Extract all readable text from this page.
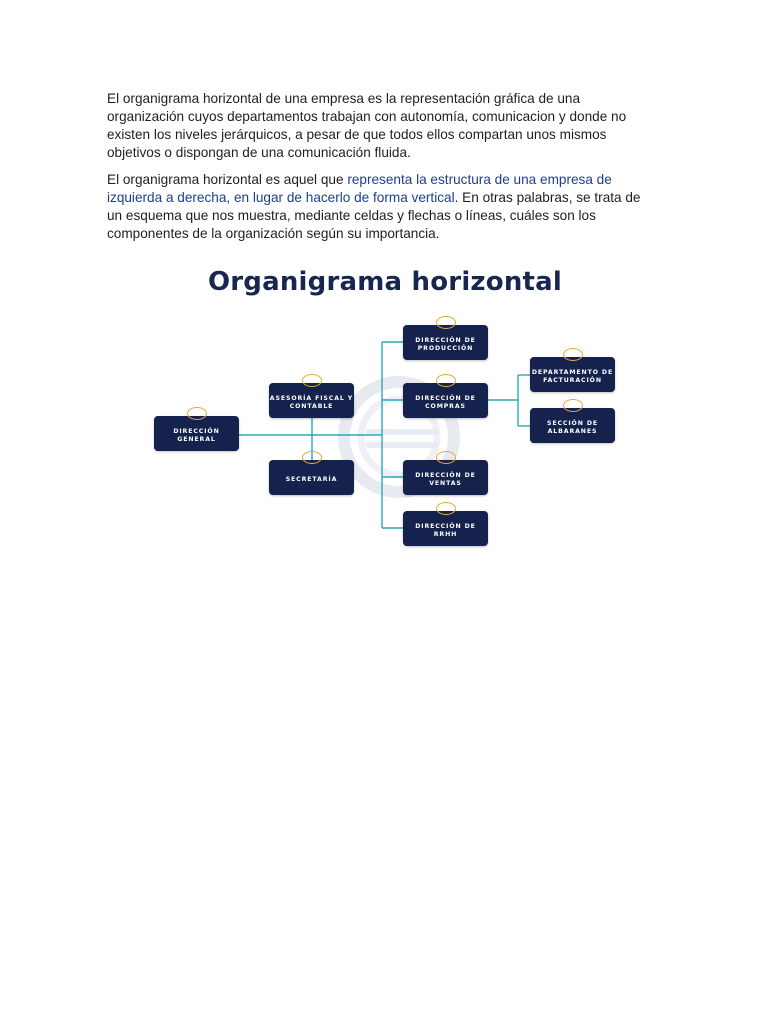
El organigrama horizontal de una empresa es la representación gráfica de una organización cuyos departamentos trabajan con autonomía, comunicacion y donde no existen los niveles jerárquicos, a pesar de que todos ellos compartan unos mismos objetivos o dispongan de una comunicación fluida.

El organigrama horizontal es aquel que representa la estructura de una empresa de izquierda a derecha, en lugar de hacerlo de forma vertical. En otras palabras, se trata de un esquema que nos muestra, mediante celdas y flechas o líneas, cuáles son los componentes de la organización según su importancia.

Organigrama horizontal
DIRECCIÓN GENERAL
ASESORÍA FISCAL Y CONTABLE
SECRETARÍA
DIRECCIÓN DE PRODUCCIÓN
DIRECCIÓN DE COMPRAS
DIRECCIÓN DE VENTAS
DIRECCIÓN DE RRHH
DEPARTAMENTO DE FACTURACIÓN
SECCIÓN DE ALBARANES
